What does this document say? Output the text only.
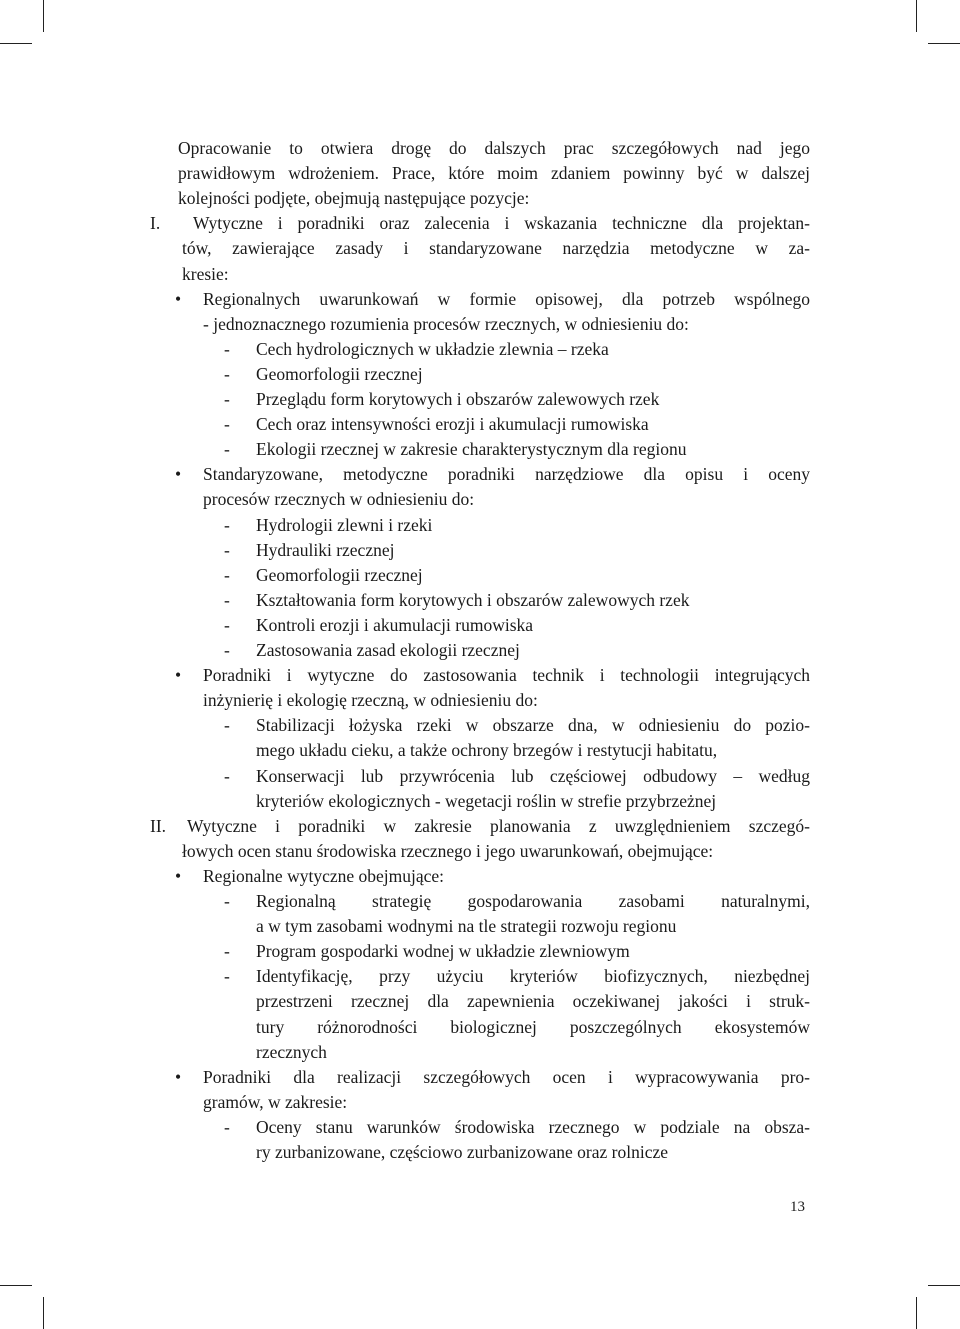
Opracowanie to otwiera drogę do dalszych prac szczegółowych nad jego
prawidłowym wdrożeniem. Prace, które moim zdaniem powinny być w dalszej
kolejności podjęte, obejmują następujące pozycje:
I. Wytyczne i poradniki oraz zalecenia i wskazania techniczne dla projektan-
tów, zawierające zasady i standaryzowane narzędzia metodyczne w za-
kresie:
• Regionalnych uwarunkowań w formie opisowej, dla potrzeb wspólnego
- jednoznacznego rozumienia procesów rzecznych, w odniesieniu do:
- Cech hydrologicznych w układzie zlewnia – rzeka
- Geomorfologii rzecznej
- Przeglądu form korytowych i obszarów zalewowych rzek
- Cech oraz intensywności erozji i akumulacji rumowiska
- Ekologii rzecznej w zakresie charakterystycznym dla regionu
• Standaryzowane, metodyczne poradniki narzędziowe dla opisu i oceny
procesów rzecznych w odniesieniu do:
- Hydrologii zlewni i rzeki
- Hydrauliki rzecznej
- Geomorfologii rzecznej
- Kształtowania form korytowych i obszarów zalewowych rzek
- Kontroli erozji i akumulacji rumowiska
- Zastosowania zasad ekologii rzecznej
• Poradniki i wytyczne do zastosowania technik i technologii integrujących
inżynierię i ekologię rzeczną, w odniesieniu do:
- Stabilizacji łożyska rzeki w obszarze dna, w odniesieniu do pozio-
mego układu cieku, a także ochrony brzegów i restytucji habitatu,
- Konserwacji lub przywrócenia lub częściowej odbudowy – według
kryteriów ekologicznych - wegetacji roślin w strefie przybrzeżnej
II. Wytyczne i poradniki w zakresie planowania z uwzględnieniem szczegó-
łowych ocen stanu środowiska rzecznego i jego uwarunkowań, obejmujące:
• Regionalne wytyczne obejmujące:
- Regionalną strategię gospodarowania zasobami naturalnymi,
a w tym zasobami wodnymi na tle strategii rozwoju regionu
- Program gospodarki wodnej w układzie zlewniowym
- Identyfikację, przy użyciu kryteriów biofizycznych, niezbędnej
przestrzeni rzecznej dla zapewnienia oczekiwanej jakości i struk-
tury różnorodności biologicznej poszczególnych ekosystemów
rzecznych
• Poradniki dla realizacji szczegółowych ocen i wypracowywania pro-
gramów, w zakresie:
- Oceny stanu warunków środowiska rzecznego w podziale na obsza-
ry zurbanizowane, częściowo zurbanizowane oraz rolnicze
13
